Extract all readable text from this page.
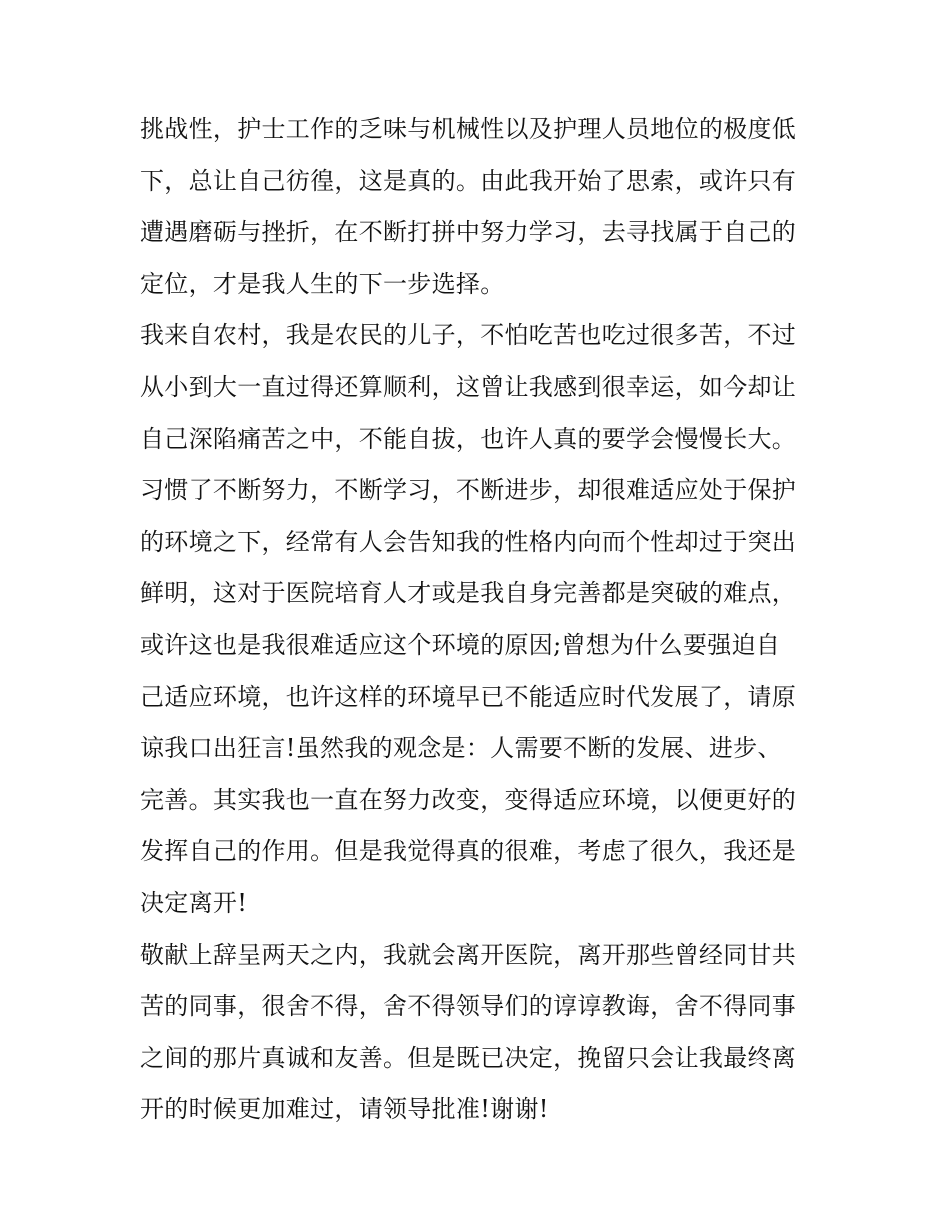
挑战性，护士工作的乏味与机械性以及护理人员地位的极度低
下，总让自己彷徨，这是真的。由此我开始了思索，或许只有
遭遇磨砺与挫折，在不断打拼中努力学习，去寻找属于自己的
定位，才是我人生的下一步选择。
我来自农村，我是农民的儿子，不怕吃苦也吃过很多苦，不过
从小到大一直过得还算顺利，这曾让我感到很幸运，如今却让
自己深陷痛苦之中，不能自拔，也许人真的要学会慢慢长大。
习惯了不断努力，不断学习，不断进步，却很难适应处于保护
的环境之下，经常有人会告知我的性格内向而个性却过于突出
鲜明，这对于医院培育人才或是我自身完善都是突破的难点，
或许这也是我很难适应这个环境的原因;曾想为什么要强迫自
己适应环境，也许这样的环境早已不能适应时代发展了，请原
谅我口出狂言!虽然我的观念是：人需要不断的发展、进步、
完善。其实我也一直在努力改变，变得适应环境，以便更好的
发挥自己的作用。但是我觉得真的很难，考虑了很久，我还是
决定离开!
敬献上辞呈两天之内，我就会离开医院，离开那些曾经同甘共
苦的同事，很舍不得，舍不得领导们的谆谆教诲，舍不得同事
之间的那片真诚和友善。但是既已决定，挽留只会让我最终离
开的时候更加难过，请领导批准!谢谢!
